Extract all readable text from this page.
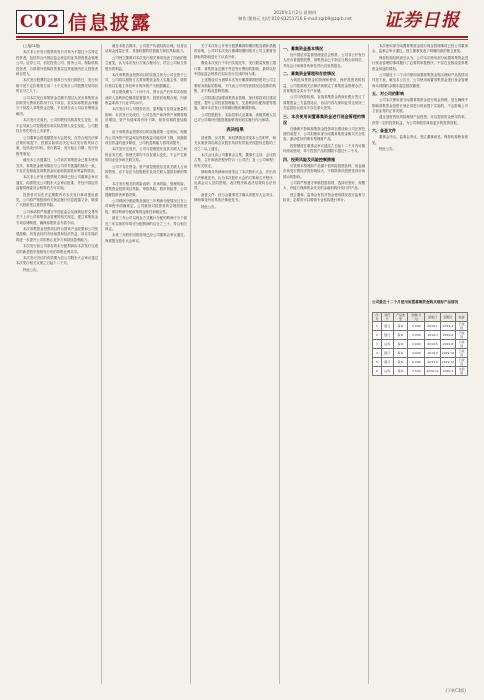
C02 信息披露	2020年1月2日 星期四
制作:董春元 电话:010-83251716 E-mail:zqrb9@zqrb.net	证券日报

(上接C1版)

本次非公开发行股票的发行对象为不超过十名特定投资者，包括符合中国证监会规定的证券投资基金管理公司、证券公司、信托投资公司、财务公司、保险机构投资者、合格境外机构投资者以及其他境内法人投资者和自然人。

本次发行股票的定价基准日为发行期首日，发行价格不低于定价基准日前二十个交易日公司股票交易均价的百分之九十。

公司本次发行募集资金总额不超过人民币募集资金扣除发行费用后将用于以下项目，若实际募集资金净额少于拟投入募集资金总额，不足部分由公司以自筹资金解决。

本次发行完成后，公司的股权结构将发生变化，但不会导致公司控股股东和实际控制人发生变化，公司股权分布仍符合上市条件。

公司董事会将根据股东大会授权，在符合相关法律法规的前提下，按照实际情况决定本次发行的具体方案，包括发行时机、发行数量、发行起止日期、发行价格等事宜。

截至本公告披露日，公司前次募集资金已基本使用完毕，募集资金使用情况与公司对外披露的情况一致，不存在变相改变募集资金用途和损害股东利益的情况。

本次非公开发行股票相关事项已经公司董事会审议通过，尚需提交公司股东大会审议批准，并经中国证券监督管理委员会核准后方可实施。

投资者可以在法定期限内对本次发行事项提出意见，公司将严格按照有关规定履行信息披露义务，敬请广大投资者注意投资风险。

公司承诺将严格遵守中国证监会及深圳证券交易所关于上市公司募集资金管理的相关规定，建立募集资金专项存储制度，确保募集资金专款专用。

本次募集资金投资项目符合国家产业政策和公司发展战略，具有良好的市场前景和经济效益，项目实施后将进一步提升公司的核心竞争力和持续盈利能力。

本次发行前公司滚存的未分配利润由本次发行完成后的新老股东按照发行后的持股比例共享。

本次发行决议的有效期为自公司股东大会审议通过本次发行相关议案之日起十二个月。

特此公告。

截至本报告期末，公司资产负债结构合理，经营活动现金流量正常，具备较强的偿债能力和抗风险能力。

公司独立董事对本次发行相关事项发表了同意的独立意见，认为本次发行方案合理可行，符合公司和全体股东的利益。

本次募集资金投资项目的实施主体为公司全资子公司，公司将以增资方式将募集资金投入实施主体，增资价格以实施主体经审计的净资产为依据确定。

项目建设期为二十四个月，预计达产后年均实现营业收入及利润总额将显著提升，投资回收期合理，内部收益率高于行业平均水平。

本次发行对公司财务状况、盈利能力及现金流量的影响：本次发行完成后，公司总资产和净资产规模将相应增加，资产负债率将有所下降，财务结构将更加稳健。

由于募集资金投资项目的实施需要一定时间，短期内公司净资产收益率及每股收益可能有所下降，但随着项目效益的逐步释放，公司的盈利能力将得到提升。

本次发行完成后，公司与控股股东及其关联人之间的业务关系、管理关系均不存在重大变化，不会产生新的同业竞争和关联交易。

公司不存在资金、资产被控股股东及其关联人占用的情形，亦不存在为控股股东及其关联人提供担保的情形。

本次发行相关的风险说明：市场风险、管理风险、募集资金投资项目风险、审批风险、股市风险等，公司提醒投资者审慎决策。

公司利润分配政策及最近三年利润分配情况已在公司章程中明确规定，公司重视对投资者的合理投资回报，保持利润分配政策的连续性和稳定性。

最近三年公司以现金方式累计分配的利润不少于最近三年实现的年均可分配利润的百分之三十，符合相关规定。

未来三年股东回报规划已经公司董事会审议通过，尚需提交股东大会审议。

关于本次非公开发行股票摊薄即期回报及填补措施的说明，公司对本次发行摊薄即期回报对公司主要财务指标的影响进行了认真分析。

假设本次发行于年内实施完毕，发行数量按照上限计算，募集资金总额不考虑发行费用的影响，最终以经中国证监会核准后实际发行完成时间为准。

上述假设仅为测算本次发行摊薄即期回报对公司主要财务指标的影响，不代表公司对经营情况及趋势的判断，亦不构成盈利预测。

公司拟通过加强募集资金管理、加快募投项目建设进度、提升公司经营管理能力、完善利润分配制度等措施，填补本次发行对即期回报的摊薄影响。

公司控股股东、实际控制人及董事、高级管理人员已对公司填补回报措施能够得到切实履行作出承诺。

表决结果

同意票、反对票、弃权票情况详见本公告附件，相关议案获得出席会议股东所持有效表决权股份总数的三分之二以上通过。

本次会议由公司董事会召集，董事长主持，会议的召集、召开和表决程序符合《公司法》及《公司章程》的有关规定。

律师事务所律师出席见证了本次股东大会，并出具了法律意见书，认为本次股东大会的召集和召开程序、出席会议人员的资格、表决程序和表决结果均合法有效。

备查文件：经与会董事签字确认的股东大会决议；律师事务所出具的法律意见书。

特此公告。

一、募集资金基本情况

经中国证券监督管理委员会核准，公司非公开发行人民币普通股股票，募集资金已于指定日期全部到位，并经会计师事务所审验并出具验资报告。

二、募集资金管理和存放情况

为规范募集资金的管理和使用，保护投资者的权益，公司依照相关法律法规制定了募集资金管理办法，对募集资金实行专户存储。

公司与保荐机构、存放募集资金的商业银行签订了募集资金三方监管协议，协议内容与深圳证券交易所三方监管协议范本不存在重大差异。

三、本次使用闲置募集资金进行现金管理的情况

在确保不影响募集资金投资项目建设和公司正常经营的前提下，公司拟使用部分闲置募集资金购买安全性高、流动性好的保本型理财产品。

投资额度在董事会审议通过之日起十二个月内可循环滚动使用，单个投资产品的期限不超过十二个月。

四、投资风险及风险控制措施

尽管保本型理财产品属于低风险投资品种，但金融市场受宏观经济的影响较大，不排除该项投资受到市场波动的影响。

公司将严格遵守审慎投资原则，选择信誉好、规模大、有能力保障资金安全的金融机构所发行的产品。

独立董事、监事会有权对资金使用情况进行监督与检查，必要时可以聘请专业机构进行审计。

本次使用部分闲置募集资金进行现金管理事项已经公司董事会、监事会审议通过，独立董事发表了明确同意的独立意见。

保荐机构经核查后认为，公司本次使用部分闲置募集资金进行现金管理的事项履行了必要的审批程序，不存在变相改变募集资金用途的情形。

公司最近十二个月内使用闲置募集资金购买理财产品的情况详见下表，截至本公告日，公司使用闲置募集资金进行现金管理尚未到期的余额未超过授权额度。

五、对公司的影响

公司本次使用部分闲置募集资金进行现金管理，是在确保不影响募集资金投资计划正常进行的前提下实施的，不会影响公司主营业务的正常发展。

通过适度的低风险理财产品投资，可以提高资金使用效率，获得一定的投资收益，为公司和股东谋取更多的投资回报。

六、备查文件

董事会决议、监事会决议、独立董事意见、保荐机构核查意见。

特此公告。

公司最近十二个月使用闲置募集资金购买理财产品情况
序号	受托方	产品类型	金额(万元)	起始日	到期日	收益
1	银行	保本	5,000	2019.1	2019.4	已收回
2	银行	保本	3,000	2019.3	2019.6	已收回
3	证券	保本	2,000	2019.5	2019.8	已收回
4	银行	保本	4,000	2019.7	2019.10	已收回
5	银行	保本	6,000	2019.9	2019.12	已收回
6	证券	保本	3,500	2019.11	2020.2	未到期
(下转C3版)
